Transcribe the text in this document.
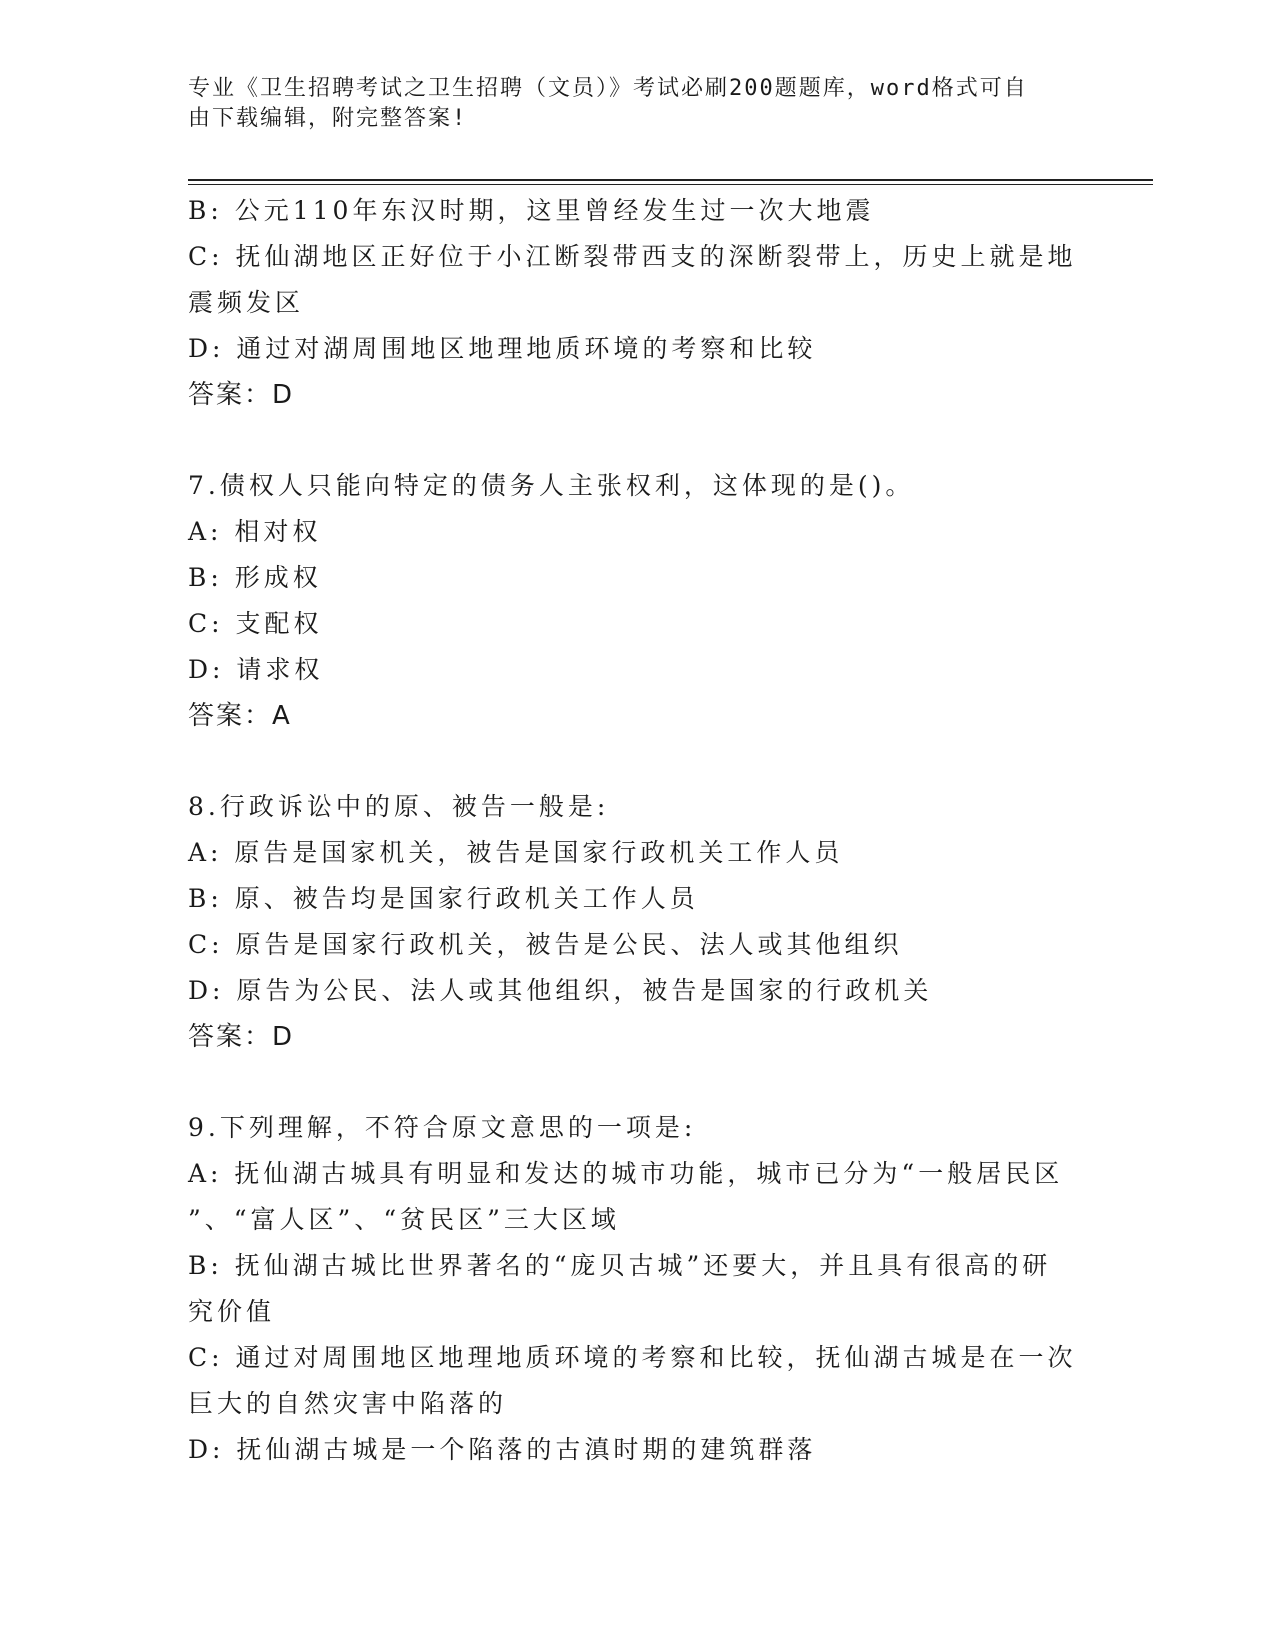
专业《卫生招聘考试之卫生招聘（文员）》考试必刷200题题库，word格式可自
由下载编辑，附完整答案!
B: 公元110年东汉时期，这里曾经发生过一次大地震
C: 抚仙湖地区正好位于小江断裂带西支的深断裂带上，历史上就是地
震频发区
D: 通过对湖周围地区地理地质环境的考察和比较
答案：D
7.债权人只能向特定的债务人主张权利，这体现的是()。
A: 相对权
B: 形成权
C: 支配权
D: 请求权
答案：A
8.行政诉讼中的原、被告一般是:
A: 原告是国家机关，被告是国家行政机关工作人员
B: 原、被告均是国家行政机关工作人员
C: 原告是国家行政机关，被告是公民、法人或其他组织
D: 原告为公民、法人或其他组织，被告是国家的行政机关
答案：D
9.下列理解，不符合原文意思的一项是:
A: 抚仙湖古城具有明显和发达的城市功能，城市已分为“一般居民区
”、“富人区”、“贫民区”三大区域
B: 抚仙湖古城比世界著名的“庞贝古城”还要大，并且具有很高的研
究价值
C: 通过对周围地区地理地质环境的考察和比较，抚仙湖古城是在一次
巨大的自然灾害中陷落的
D: 抚仙湖古城是一个陷落的古滇时期的建筑群落
